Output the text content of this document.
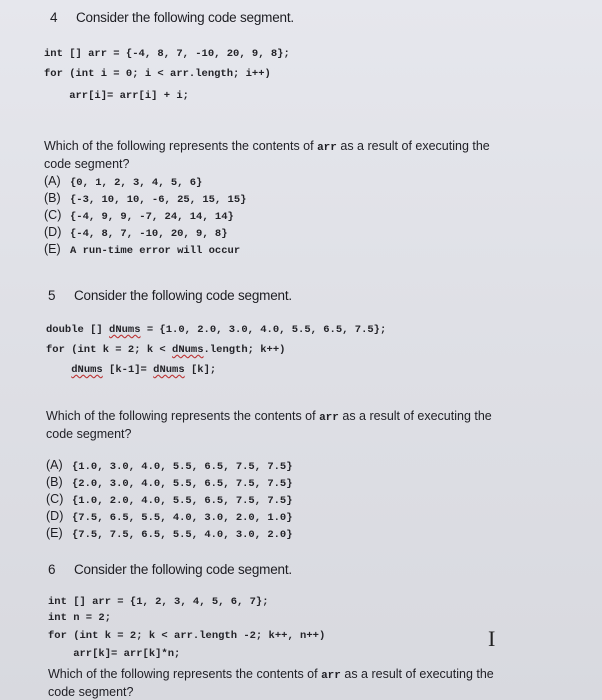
4 Consider the following code segment.
int [] arr = {-4, 8, 7, -10, 20, 9, 8};
for (int i = 0; i < arr.length; i++)
arr[i]= arr[i] + i;
Which of the following represents the contents of arr as a result of executing the
code segment?
(A) {0, 1, 2, 3, 4, 5, 6}
(B) {-3, 10, 10, -6, 25, 15, 15}
(C) {-4, 9, 9, -7, 24, 14, 14}
(D) {-4, 8, 7, -10, 20, 9, 8}
(E) A run-time error will occur
5 Consider the following code segment.
double [] dNums = {1.0, 2.0, 3.0, 4.0, 5.5, 6.5, 7.5};
for (int k = 2; k < dNums.length; k++)
dNums [k-1]= dNums [k];
Which of the following represents the contents of arr as a result of executing the
code segment?
(A) {1.0, 3.0, 4.0, 5.5, 6.5, 7.5, 7.5}
(B) {2.0, 3.0, 4.0, 5.5, 6.5, 7.5, 7.5}
(C) {1.0, 2.0, 4.0, 5.5, 6.5, 7.5, 7.5}
(D) {7.5, 6.5, 5.5, 4.0, 3.0, 2.0, 1.0}
(E) {7.5, 7.5, 6.5, 5.5, 4.0, 3.0, 2.0}
6 Consider the following code segment.
int [] arr = {1, 2, 3, 4, 5, 6, 7};
int n = 2;
for (int k = 2; k < arr.length -2; k++, n++)
arr[k]= arr[k]*n;
Which of the following represents the contents of arr as a result of executing the
code segment?
I
